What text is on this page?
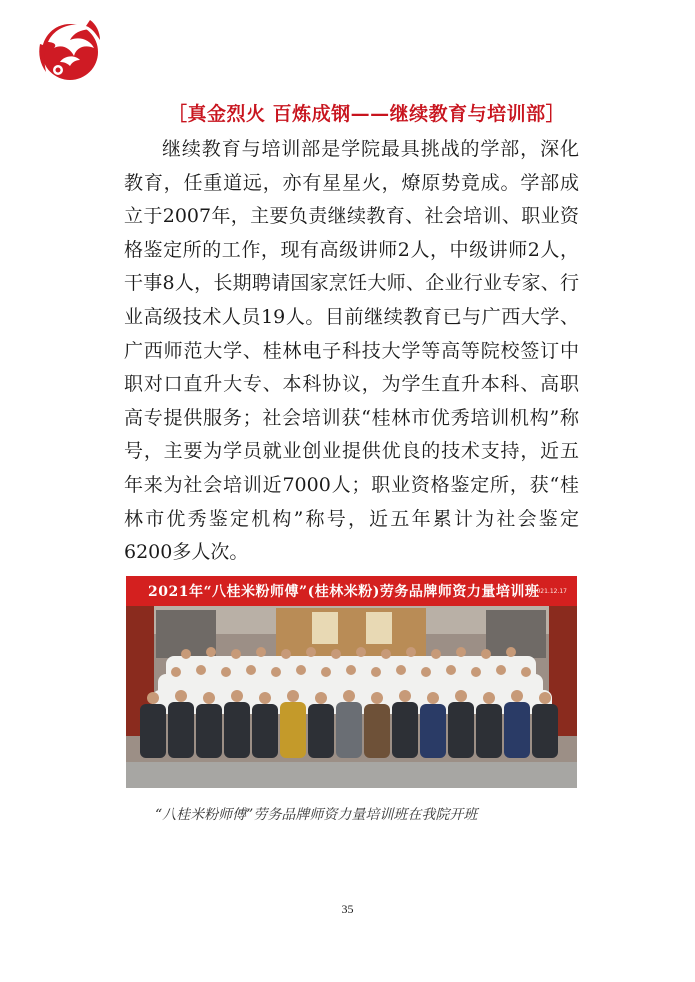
［真金烈火 百炼成钢——继续教育与培训部］

继续教育与培训部是学院最具挑战的学部，深化教育，任重道远，亦有星星火，燎原势竟成。学部成立于2007年，主要负责继续教育、社会培训、职业资格鉴定所的工作，现有高级讲师2人，中级讲师2人，干事8人，长期聘请国家烹饪大师、企业行业专家、行业高级技术人员19人。目前继续教育已与广西大学、广西师范大学、桂林电子科技大学等高等院校签订中职对口直升大专、本科协议，为学生直升本科、高职高专提供服务；社会培训获“桂林市优秀培训机构”称号，主要为学员就业创业提供优良的技术支持，近五年来为社会培训近7000人；职业资格鉴定所，获“桂林市优秀鉴定机构”称号，近五年累计为社会鉴定6200多人次。

2021年“八桂米粉师傅”(桂林米粉)劳务品牌师资力量培训班
2021.12.17
“八桂米粉师傅”劳务品牌师资力量培训班在我院开班
35
